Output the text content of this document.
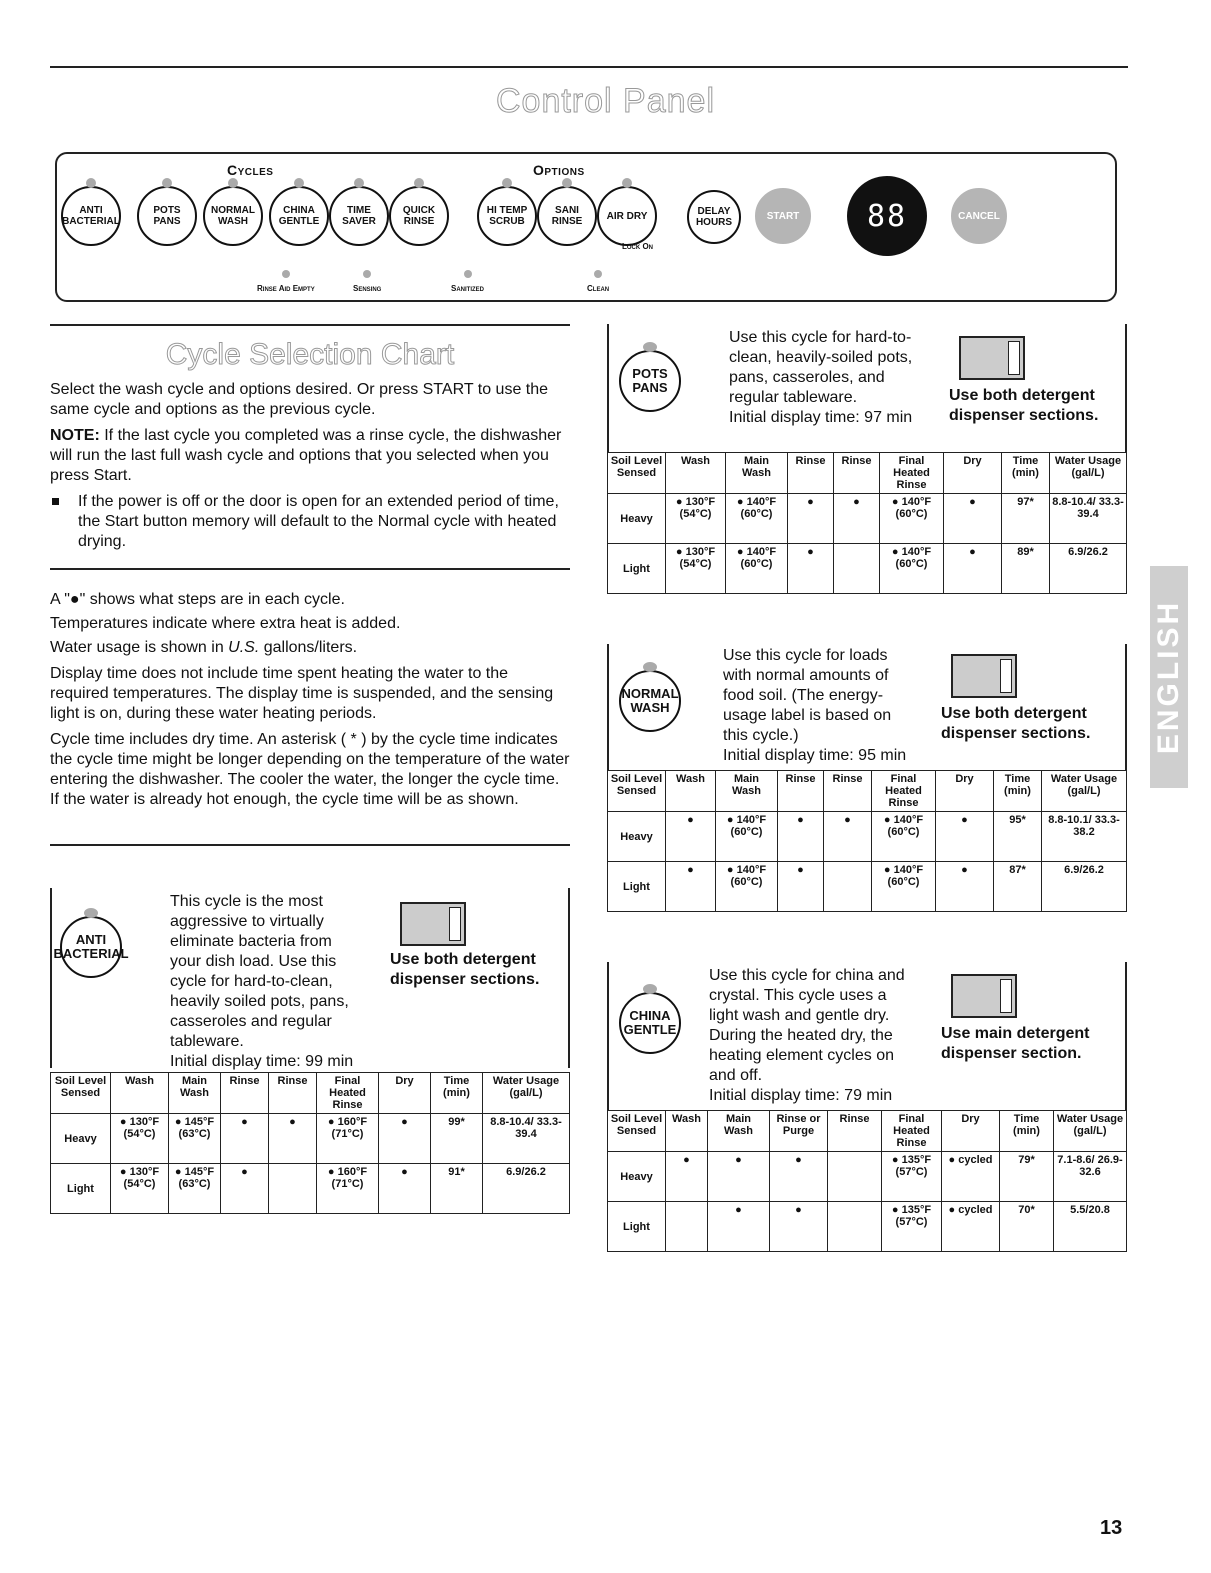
Control Panel
Cycles	Options
ANTI BACTERIAL
POTS PANS
NORMAL WASH
CHINA GENTLE
TIME SAVER
QUICK RINSE
HI TEMP SCRUB
SANI RINSE	AIR DRY
Lock On
DELAY HOURS
START	88	CANCEL
Rinse Aid Empty	Sensing	Sanitized	Clean
Cycle Selection Chart
Select the wash cycle and options desired. Or press START to use the same cycle and options as the previous cycle.
NOTE: If the last cycle you completed was a rinse cycle, the dishwasher will run the last full wash cycle and options that you selected when you press Start.
If the power is off or the door is open for an extended period of time, the Start button memory will default to the Normal cycle with heated drying.
A "●" shows what steps are in each cycle.
Temperatures indicate where extra heat is added.
Water usage is shown in U.S. gallons/liters.
Display time does not include time spent heating the water to the required temperatures. The display time is suspended, and the sensing light is on, during these water heating periods.
Cycle time includes dry time. An asterisk ( * ) by the cycle time indicates the cycle time might be longer depending on the temperature of the water entering the dishwasher. The cooler the water, the longer the cycle time. If the water is already hot enough, the cycle time will be as shown.
ANTI BACTERIAL
This cycle is the most
aggressive to virtually
eliminate bacteria from
your dish load. Use this
cycle for hard-to-clean,
heavily soiled pots, pans,
casseroles and regular
tableware.
Initial display time: 99 min
Use both detergent
dispenser sections.
Soil Level Sensed	Wash	Main Wash	Rinse	Rinse	Final Heated Rinse	Dry	Time (min)	Water Usage (gal/L)
Heavy	● 130°F (54°C)	● 145°F (63°C)	●	●	● 160°F (71°C)	●	99*	8.8-10.4/ 33.3-39.4
Light	● 130°F (54°C)	● 145°F (63°C)	●		● 160°F (71°C)	●	91*	6.9/26.2
POTS PANS
Use this cycle for hard-to-
clean, heavily-soiled pots,
pans, casseroles, and
regular tableware.
Initial display time: 97 min
Use both detergent
dispenser sections.
Soil Level Sensed	Wash	Main Wash	Rinse	Rinse	Final Heated Rinse	Dry	Time (min)	Water Usage (gal/L)
Heavy	● 130°F (54°C)	● 140°F (60°C)	●	●	● 140°F (60°C)	●	97*	8.8-10.4/ 33.3-39.4
Light	● 130°F (54°C)	● 140°F (60°C)	●		● 140°F (60°C)	●	89*	6.9/26.2
NORMAL WASH
Use this cycle for loads
with normal amounts of
food soil. (The energy-
usage label is based on
this cycle.)
Initial display time: 95 min
Use both detergent
dispenser sections.
Soil Level Sensed	Wash	Main Wash	Rinse	Rinse	Final Heated Rinse	Dry	Time (min)	Water Usage (gal/L)
Heavy	●	● 140°F (60°C)	●	●	● 140°F (60°C)	●	95*	8.8-10.1/ 33.3-38.2
Light	●	● 140°F (60°C)	●		● 140°F (60°C)	●	87*	6.9/26.2
CHINA GENTLE
Use this cycle for china and
crystal. This cycle uses a
light wash and gentle dry.
During the heated dry, the
heating element cycles on
and off.
Initial display time: 79 min
Use main detergent
dispenser section.
Soil Level Sensed	Wash	Main Wash	Rinse or Purge	Rinse	Final Heated Rinse	Dry	Time (min)	Water Usage (gal/L)
Heavy	●	●	●		● 135°F (57°C)	● cycled	79*	7.1-8.6/ 26.9-32.6
Light		●	●		● 135°F (57°C)	● cycled	70*	5.5/20.8
ENGLISH
13
